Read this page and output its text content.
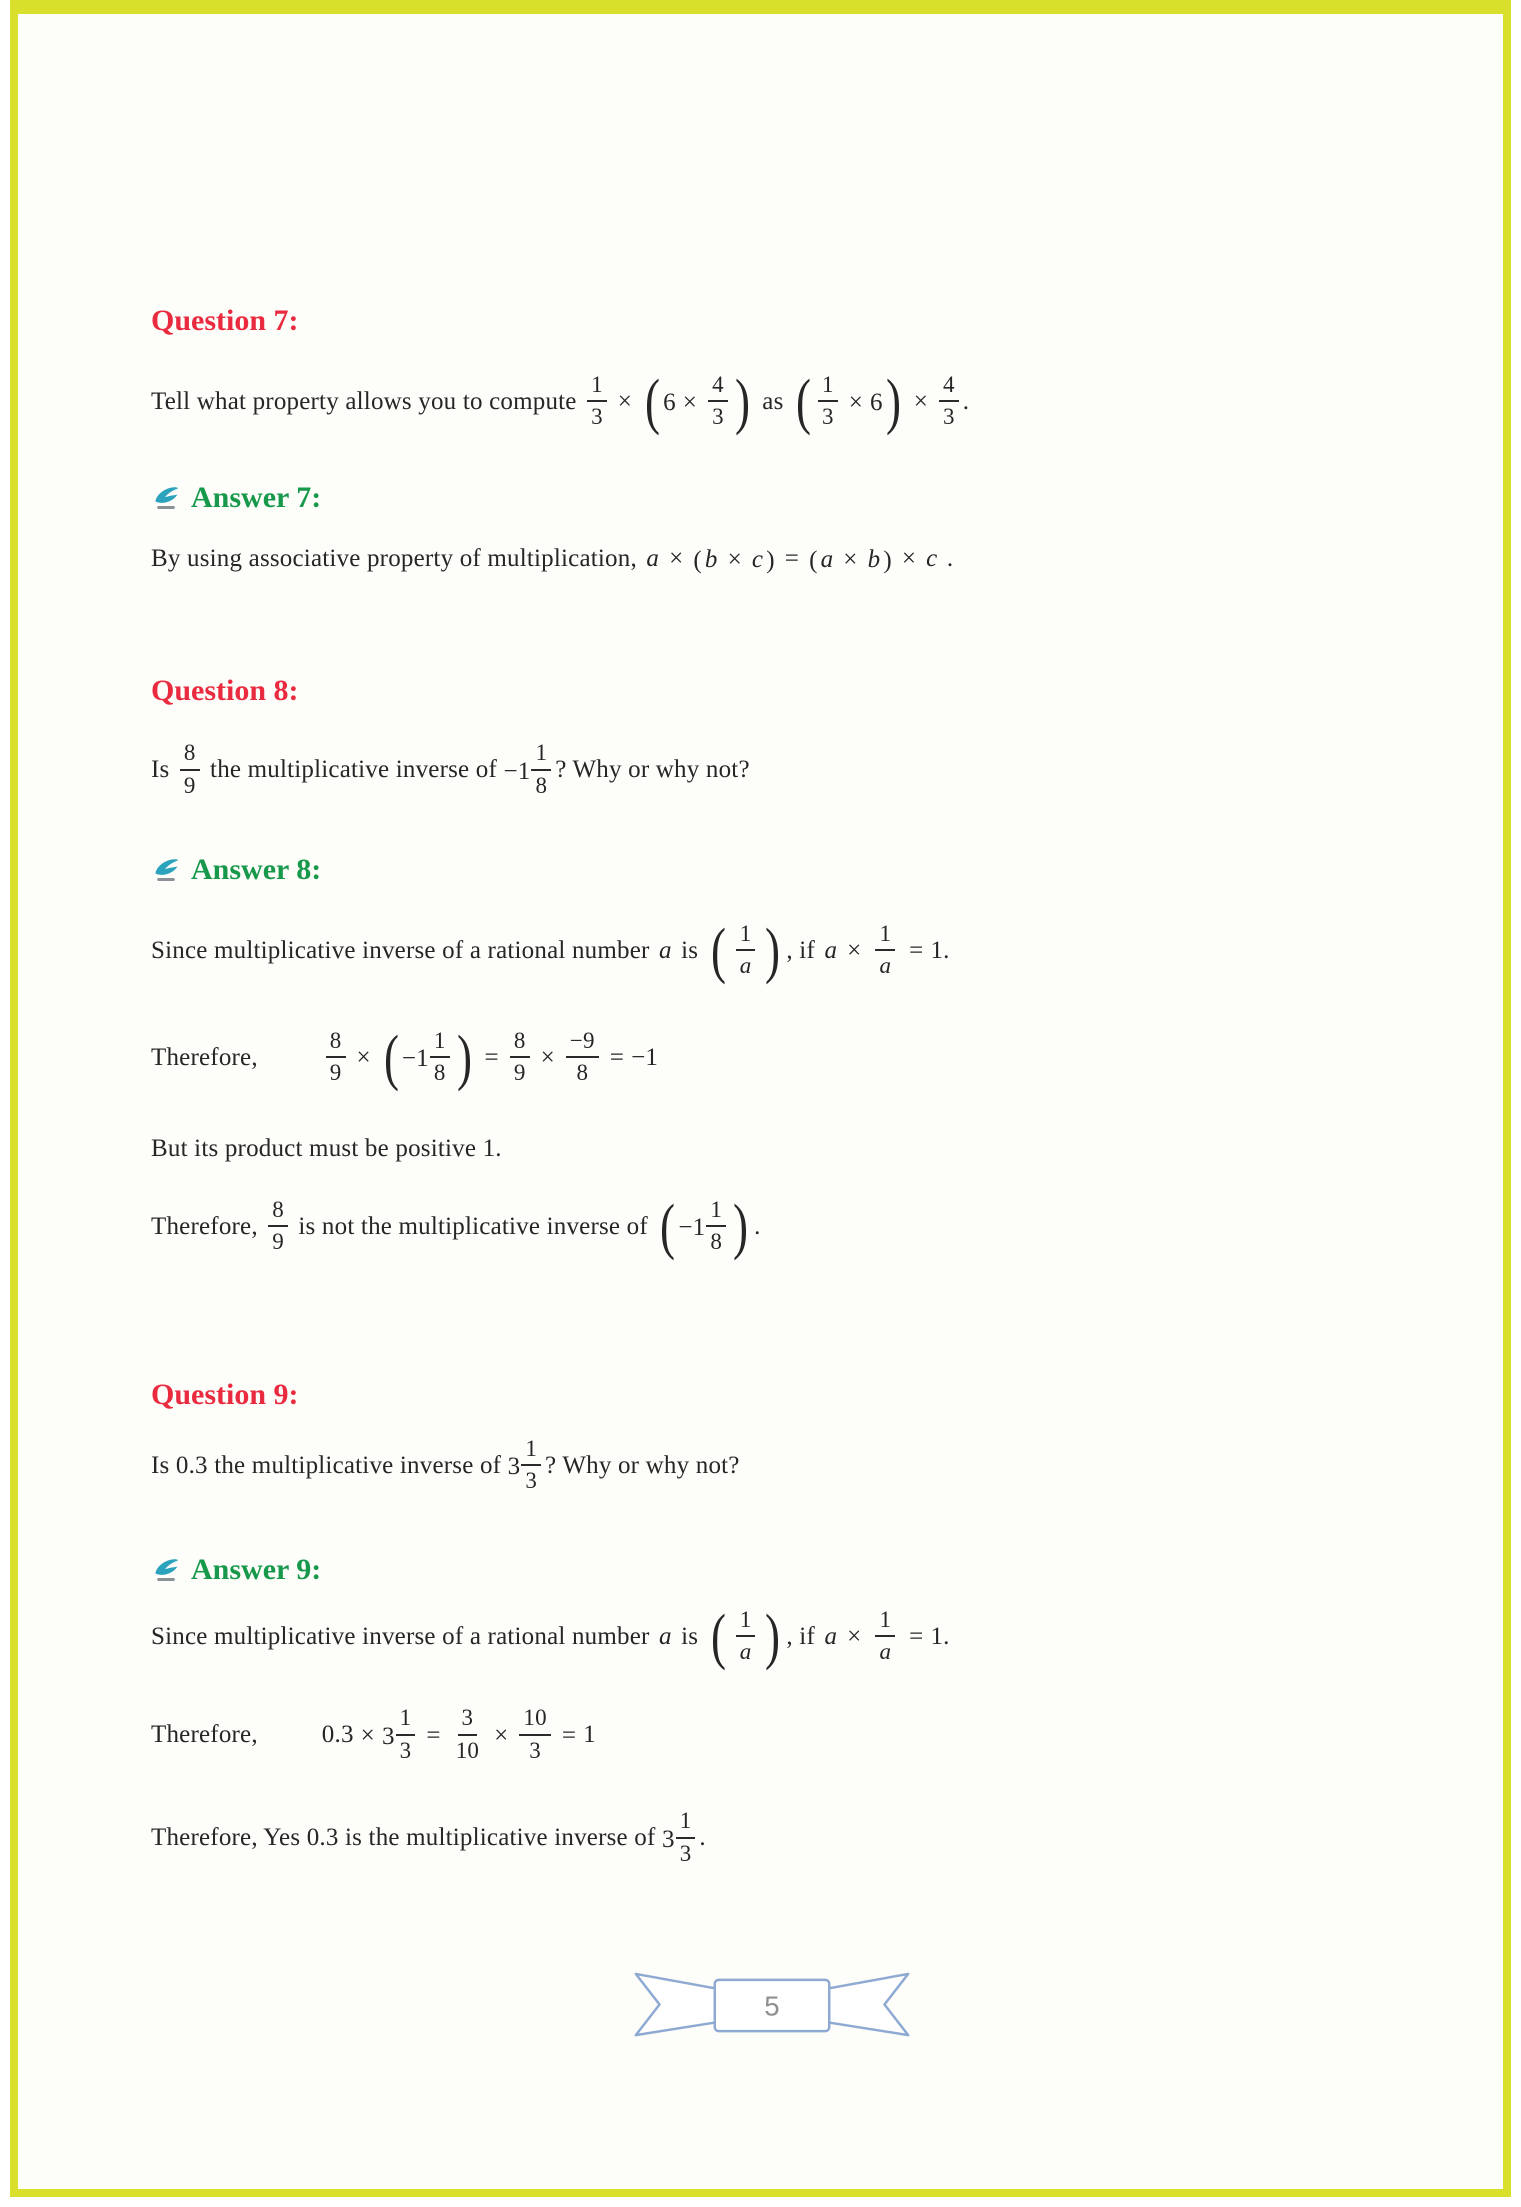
Question 7:

Tell what property allows you to compute $\frac{1}{3}$ × ( $6 \times \frac{4}{3}$ ) as ( $\frac{1}{3} \times 6$ ) × $\frac{4}{3}$ .

Answer 7:

By using associative property of multiplication, a × ( b × c ) = ( a × b ) × c .

Question 8:

Is $\frac{8}{9}$ the multiplicative inverse of $-1 \frac{1}{8}$ ? Why or why not?

Answer 8:

Since multiplicative inverse of a rational number a is ( $\frac{1}{a}$ ) , if $a \times \frac{1}{a} = 1$.

Therefore,	$\frac{8}{9}$ × ( $-1 \frac{1}{8}$ ) = $\frac{8}{9} \times \frac{-9}{8} = -1$

But its product must be positive 1.

Therefore, $\frac{8}{9}$ is not the multiplicative inverse of ( $-1 \frac{1}{8}$ ) .

Question 9:

Is 0.3 the multiplicative inverse of $3 \frac{1}{3}$ ? Why or why not?

Answer 9:

Since multiplicative inverse of a rational number a is ( $\frac{1}{a}$ ) , if $a \times \frac{1}{a} = 1$.

Therefore,	$0.3 \times 3 \frac{1}{3} = \frac{3}{10} \times \frac{10}{3} = 1$

Therefore, Yes 0.3 is the multiplicative inverse of $3 \frac{1}{3}$ .

5
